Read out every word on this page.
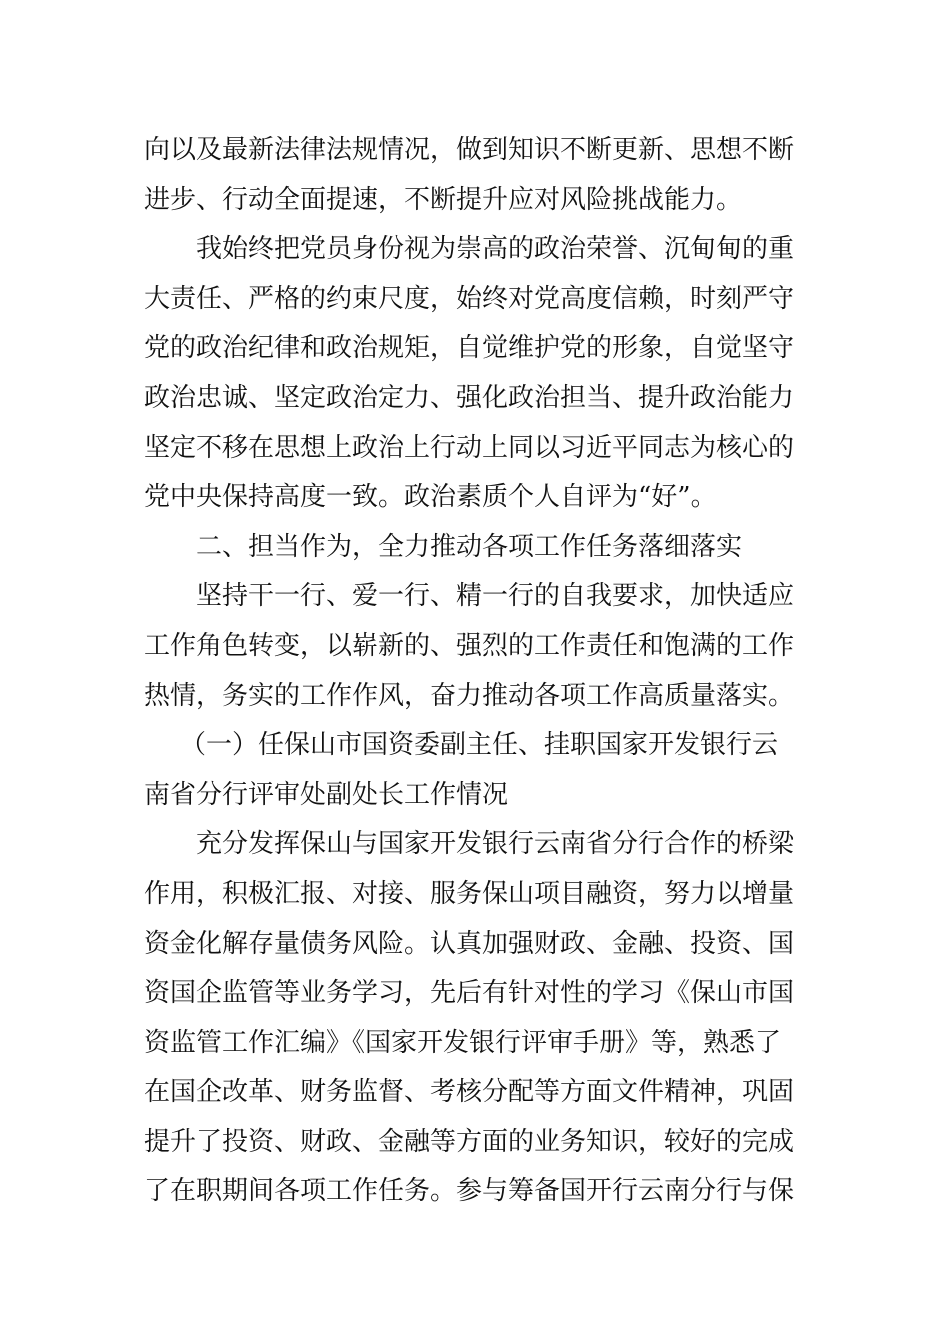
向以及最新法律法规情况，做到知识不断更新、思想不断
进步、行动全面提速，不断提升应对风险挑战能力。

我始终把党员身份视为崇高的政治荣誉、沉甸甸的重
大责任、严格的约束尺度，始终对党高度信赖，时刻严守
党的政治纪律和政治规矩，自觉维护党的形象，自觉坚守
政治忠诚、坚定政治定力、强化政治担当、提升政治能力
坚定不移在思想上政治上行动上同以习近平同志为核心的
党中央保持高度一致。政治素质个人自评为“好”。

二、担当作为，全力推动各项工作任务落细落实

坚持干一行、爱一行、精一行的自我要求，加快适应
工作角色转变，以崭新的、强烈的工作责任和饱满的工作
热情，务实的工作作风，奋力推动各项工作高质量落实。

（一）任保山市国资委副主任、挂职国家开发银行云
南省分行评审处副处长工作情况

充分发挥保山与国家开发银行云南省分行合作的桥梁
作用，积极汇报、对接、服务保山项目融资，努力以增量
资金化解存量债务风险。认真加强财政、金融、投资、国
资国企监管等业务学习，先后有针对性的学习《保山市国
资监管工作汇编》《国家开发银行评审手册》等，熟悉了
在国企改革、财务监督、考核分配等方面文件精神，巩固
提升了投资、财政、金融等方面的业务知识，较好的完成
了在职期间各项工作任务。参与筹备国开行云南分行与保
